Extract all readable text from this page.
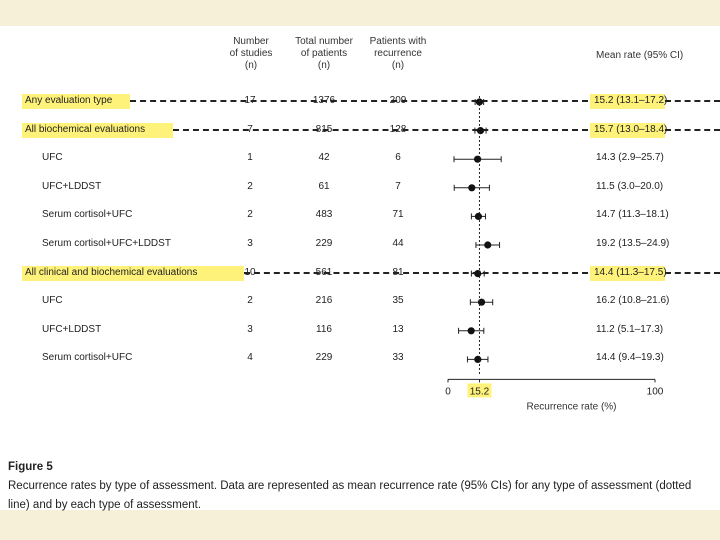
Number
of studies
(n)
Total number
of patients
(n)
Patients with
recurrence
(n)
Mean rate (95% CI)
Any evaluation type	17	1376	209	15.2 (13.1–17.2)
All biochemical evaluations	7	815	128	15.7 (13.0–18.4)
UFC	1	42	6	14.3 (2.9–25.7)
UFC+LDDST	2	61	7	11.5 (3.0–20.0)
Serum cortisol+UFC	2	483	71	14.7 (11.3–18.1)
Serum cortisol+UFC+LDDST	3	229	44	19.2 (13.5–24.9)
All clinical and biochemical evaluations	10	561	81	14.4 (11.3–17.5)
UFC	2	216	35	16.2 (10.8–21.6)
UFC+LDDST	3	116	13	11.2 (5.1–17.3)
Serum cortisol+UFC	4	229	33	14.4 (9.4–19.3)
0 15.2	100
Recurrence rate (%)
Figure 5
Recurrence rates by type of assessment. Data are represented as mean recurrence rate (95% CIs) for any type of assessment (dotted line) and by each type of assessment.
